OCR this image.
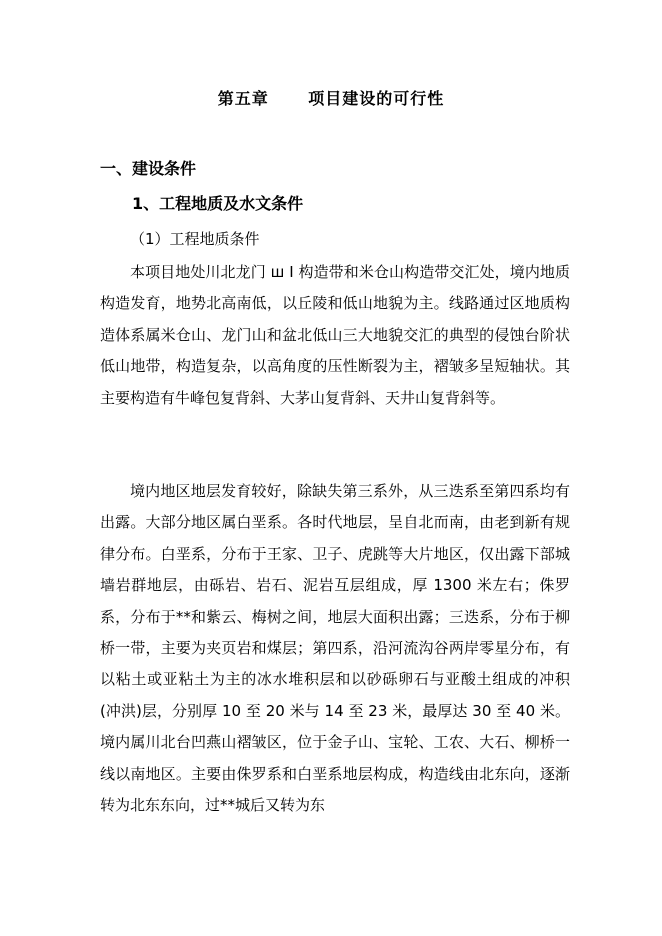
第五章      项目建设的可行性
一、建设条件
1、工程地质及水文条件
（1）工程地质条件
本项目地处川北龙门 ш I 构造带和米仓山构造带交汇处，境内地质构造发育，地势北高南低，以丘陵和低山地貌为主。线路通过区地质构造体系属米仓山、龙门山和盆北低山三大地貌交汇的典型的侵蚀台阶状低山地带，构造复杂，以高角度的压性断裂为主，褶皱多呈短轴状。其主要构造有牛峰包复背斜、大茅山复背斜、天井山复背斜等。
境内地区地层发育较好，除缺失第三系外，从三迭系至第四系均有出露。大部分地区属白垩系。各时代地层，呈自北而南，由老到新有规律分布。白垩系，分布于王家、卫子、虎跳等大片地区，仅出露下部城墙岩群地层，由砾岩、岩石、泥岩互层组成，厚 1300 米左右；侏罗系，分布于**和紫云、梅树之间，地层大面积出露；三迭系，分布于柳桥一带，主要为夹页岩和煤层；第四系，沿河流沟谷两岸零星分布，有以粘土或亚粘土为主的冰水堆积层和以砂砾卵石与亚酸土组成的冲积(冲洪)层，分别厚 10 至 20 米与 14 至 23 米，最厚达 30 至 40 米。境内属川北台凹燕山褶皱区，位于金子山、宝轮、工农、大石、柳桥一线以南地区。主要由侏罗系和白垩系地层构成，构造线由北东向，逐渐转为北东东向，过**城后又转为东
